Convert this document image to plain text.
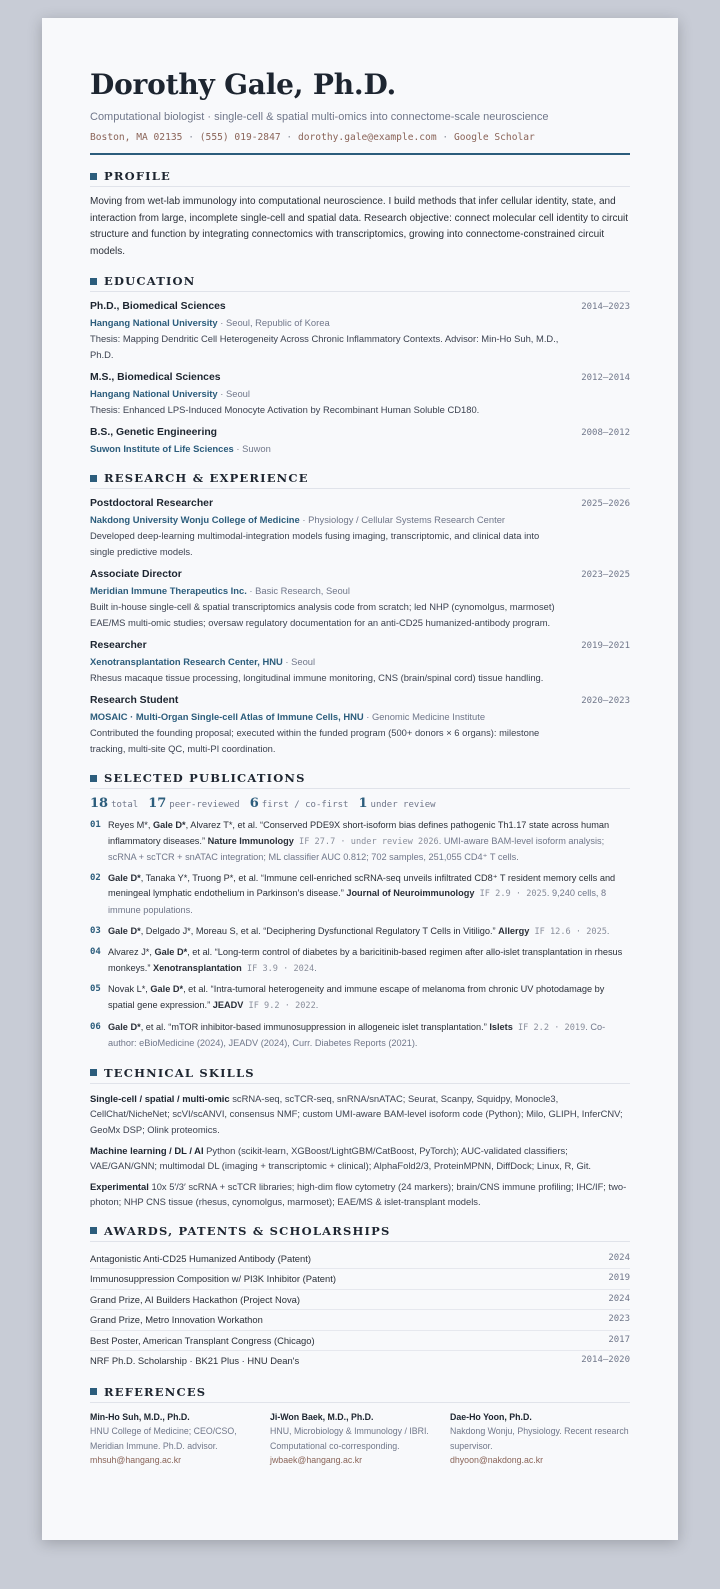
Dorothy Gale, Ph.D.
Computational biologist · single-cell & spatial multi-omics into connectome-scale neuroscience
Boston, MA 02135 · (555) 019-2847 · dorothy.gale@example.com · Google Scholar
PROFILE
Moving from wet-lab immunology into computational neuroscience. I build methods that infer cellular identity, state, and interaction from large, incomplete single-cell and spatial data. Research objective: connect molecular cell identity to circuit structure and function by integrating connectomics with transcriptomics, growing into connectome-constrained circuit models.
EDUCATION
Ph.D., Biomedical Sciences	2014–2023
Hangang National University · Seoul, Republic of Korea
Thesis: Mapping Dendritic Cell Heterogeneity Across Chronic Inflammatory Contexts. Advisor: Min-Ho Suh, M.D., Ph.D.
M.S., Biomedical Sciences	2012–2014
Hangang National University · Seoul
Thesis: Enhanced LPS-Induced Monocyte Activation by Recombinant Human Soluble CD180.
B.S., Genetic Engineering	2008–2012
Suwon Institute of Life Sciences · Suwon
RESEARCH & EXPERIENCE
Postdoctoral Researcher	2025–2026
Nakdong University Wonju College of Medicine · Physiology / Cellular Systems Research Center
Developed deep-learning multimodal-integration models fusing imaging, transcriptomic, and clinical data into single predictive models.
Associate Director	2023–2025
Meridian Immune Therapeutics Inc. · Basic Research, Seoul
Built in-house single-cell & spatial transcriptomics analysis code from scratch; led NHP (cynomolgus, marmoset) EAE/MS multi-omic studies; oversaw regulatory documentation for an anti-CD25 humanized-antibody program.
Researcher	2019–2021
Xenotransplantation Research Center, HNU · Seoul
Rhesus macaque tissue processing, longitudinal immune monitoring, CNS (brain/spinal cord) tissue handling.
Research Student	2020–2023
MOSAIC · Multi-Organ Single-cell Atlas of Immune Cells, HNU · Genomic Medicine Institute
Contributed the founding proposal; executed within the funded program (500+ donors × 6 organs): milestone tracking, multi-site QC, multi-PI coordination.
SELECTED PUBLICATIONS
18 total 17 peer-reviewed 6 first / co-first 1 under review
01 Reyes M*, Gale D*, Alvarez T*, et al. “Conserved PDE9X short-isoform bias defines pathogenic Th1.17 state across human inflammatory diseases.” Nature Immunology IF 27.7 · under review 2026. UMI-aware BAM-level isoform analysis; scRNA + scTCR + snATAC integration; ML classifier AUC 0.812; 702 samples, 251,055 CD4⁺ T cells.
02 Gale D*, Tanaka Y*, Truong P*, et al. “Immune cell-enriched scRNA-seq unveils infiltrated CD8⁺ T resident memory cells and meningeal lymphatic endothelium in Parkinson’s disease.” Journal of Neuroimmunology IF 2.9 · 2025. 9,240 cells, 8 immune populations.
03 Gale D*, Delgado J*, Moreau S, et al. “Deciphering Dysfunctional Regulatory T Cells in Vitiligo.” Allergy IF 12.6 · 2025.
04 Alvarez J*, Gale D*, et al. “Long-term control of diabetes by a baricitinib-based regimen after allo-islet transplantation in rhesus monkeys.” Xenotransplantation IF 3.9 · 2024.
05 Novak L*, Gale D*, et al. “Intra-tumoral heterogeneity and immune escape of melanoma from chronic UV photodamage by spatial gene expression.” JEADV IF 9.2 · 2022.
06 Gale D*, et al. “mTOR inhibitor-based immunosuppression in allogeneic islet transplantation.” Islets IF 2.2 · 2019. Co-author: eBioMedicine (2024), JEADV (2024), Curr. Diabetes Reports (2021).
TECHNICAL SKILLS
Single-cell / spatial / multi-omic scRNA-seq, scTCR-seq, snRNA/snATAC; Seurat, Scanpy, Squidpy, Monocle3, CellChat/NicheNet; scVI/scANVI, consensus NMF; custom UMI-aware BAM-level isoform code (Python); Milo, GLIPH, InferCNV; GeoMx DSP; Olink proteomics.
Machine learning / DL / AI Python (scikit-learn, XGBoost/LightGBM/CatBoost, PyTorch); AUC-validated classifiers; VAE/GAN/GNN; multimodal DL (imaging + transcriptomic + clinical); AlphaFold2/3, ProteinMPNN, DiffDock; Linux, R, Git.
Experimental 10x 5′/3′ scRNA + scTCR libraries; high-dim flow cytometry (24 markers); brain/CNS immune profiling; IHC/IF; two-photon; NHP CNS tissue (rhesus, cynomolgus, marmoset); EAE/MS & islet-transplant models.
AWARDS, PATENTS & SCHOLARSHIPS
Antagonistic Anti-CD25 Humanized Antibody (Patent)	2024
Immunosuppression Composition w/ PI3K Inhibitor (Patent)	2019
Grand Prize, AI Builders Hackathon (Project Nova)	2024
Grand Prize, Metro Innovation Workathon	2023
Best Poster, American Transplant Congress (Chicago)	2017
NRF Ph.D. Scholarship · BK21 Plus · HNU Dean's	2014–2020
REFERENCES
Min-Ho Suh, M.D., Ph.D.
HNU College of Medicine; CEO/CSO, Meridian Immune. Ph.D. advisor.
mhsuh@hangang.ac.kr
Ji-Won Baek, M.D., Ph.D.
HNU, Microbiology & Immunology / IBRI. Computational co-corresponding.
jwbaek@hangang.ac.kr
Dae-Ho Yoon, Ph.D.
Nakdong Wonju, Physiology. Recent research supervisor.
dhyoon@nakdong.ac.kr
